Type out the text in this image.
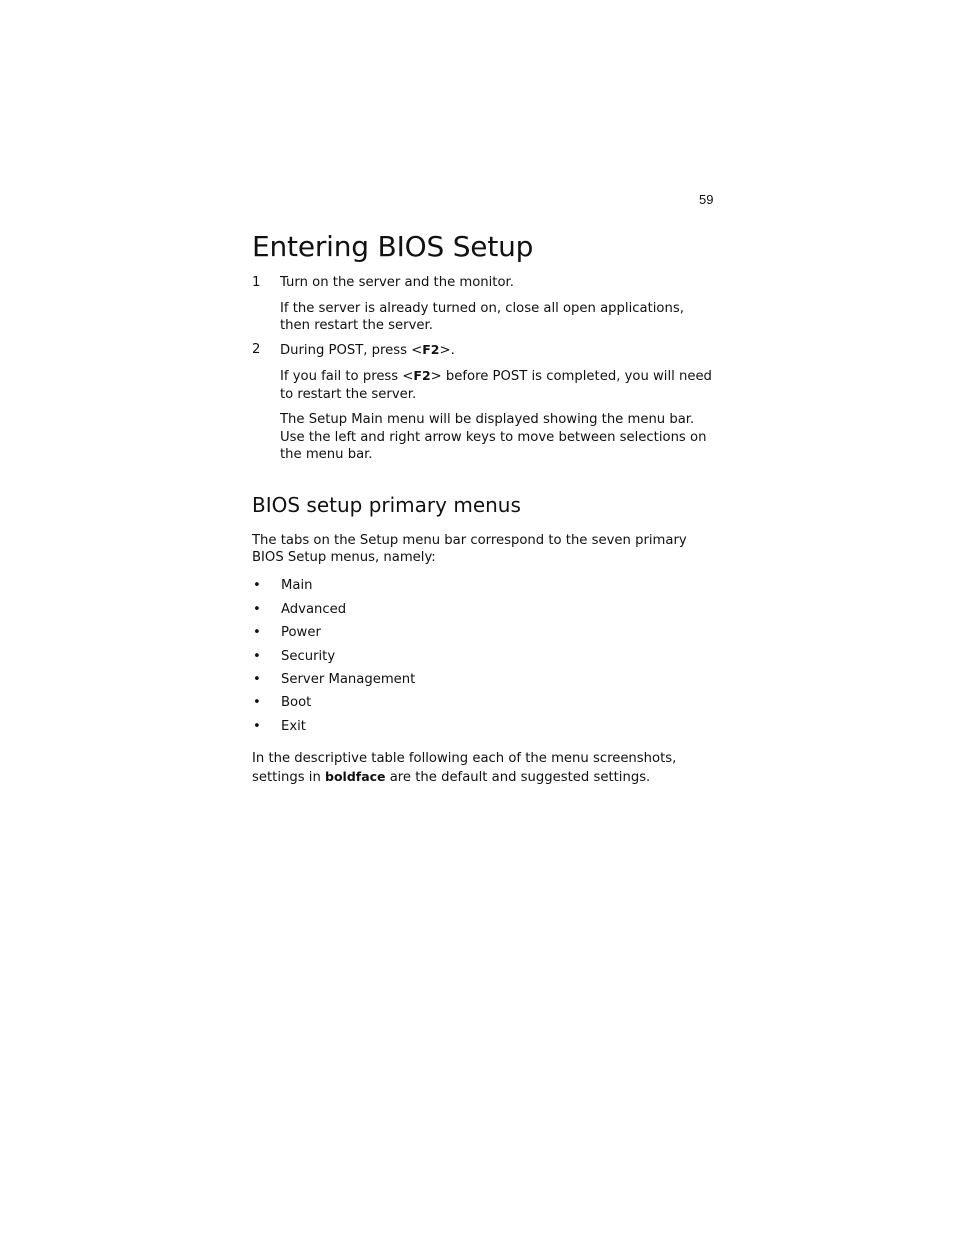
59
Entering BIOS Setup
1	Turn on the server and the monitor.
If the server is already turned on, close all open applications, then restart the server.
2	During POST, press <F2>.
If you fail to press <F2> before POST is completed, you will need to restart the server.
The Setup Main menu will be displayed showing the menu bar. Use the left and right arrow keys to move between selections on the menu bar.
BIOS setup primary menus
The tabs on the Setup menu bar correspond to the seven primary BIOS Setup menus, namely:
•	Main
•	Advanced
•	Power
•	Security
•	Server Management
•	Boot
•	Exit
In the descriptive table following each of the menu screenshots, settings in boldface are the default and suggested settings.
